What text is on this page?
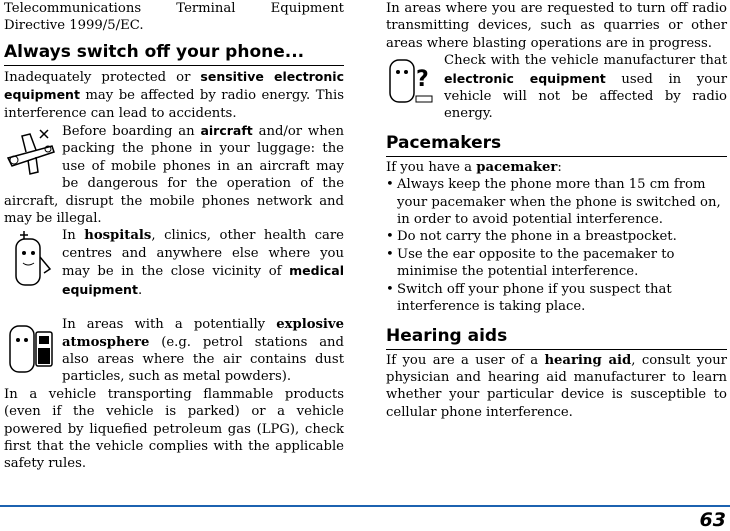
Telecommunications Terminal Equipment Directive 1999/5/EC.

Always switch off your phone...

Inadequately protected or sensitive electronic equipment may be affected by radio energy. This interference can lead to accidents.

Before boarding an aircraft and/or when packing the phone in your luggage: the use of mobile phones in an aircraft may be dangerous for the operation of the aircraft, disrupt the mobile phones network and may be illegal.

In hospitals, clinics, other health care centres and anywhere else where you may be in the close vicinity of medical equipment.

In areas with a potentially explosive atmosphere (e.g. petrol stations and also areas where the air contains dust particles, such as metal powders).

In a vehicle transporting flammable products (even if the vehicle is parked) or a vehicle powered by liquefied petroleum gas (LPG), check first that the vehicle complies with the applicable safety rules.

In areas where you are requested to turn off radio transmitting devices, such as quarries or other areas where blasting operations are in progress.

?
Check with the vehicle manufacturer that electronic equipment used in your vehicle will not be affected by radio energy.

Pacemakers

If you have a pacemaker:

• Always keep the phone more than 15 cm from your pacemaker when the phone is switched on, in order to avoid potential interference.
• Do not carry the phone in a breastpocket.
• Use the ear opposite to the pacemaker to minimise the potential interference.
• Switch off your phone if you suspect that interference is taking place.
Hearing aids

If you are a user of a hearing aid, consult your physician and hearing aid manufacturer to learn whether your particular device is susceptible to cellular phone interference.

63
